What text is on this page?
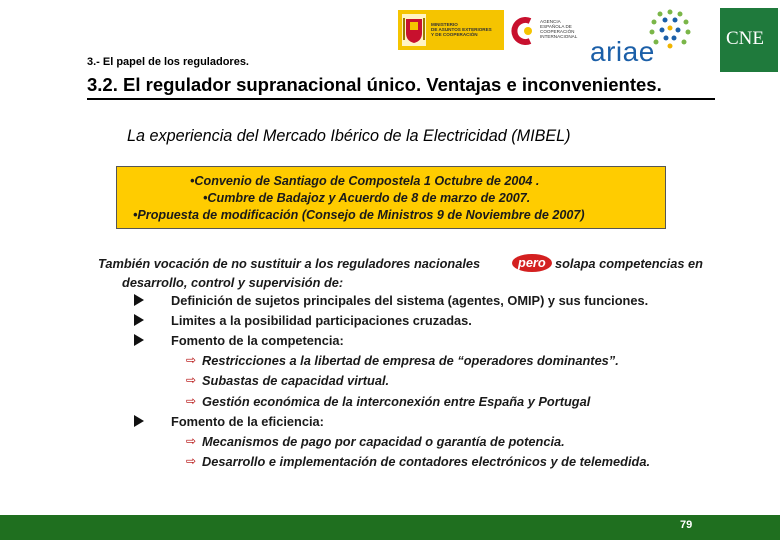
MINISTERIO
DE ASUNTOS EXTERIORES
Y DE COOPERACIÓN
AGENCIA
ESPAÑOLA DE
COOPERACIÓN
INTERNACIONAL ariae	CNE
3.- El papel de los reguladores.
3.2. El regulador supranacional único. Ventajas e inconvenientes.
La experiencia del Mercado Ibérico de la Electricidad (MIBEL)
•Convenio de Santiago de Compostela 1 Octubre de 2004 .
•Cumbre de Badajoz y Acuerdo de 8 de marzo de 2007.
•Propuesta de modificación (Consejo de Ministros 9 de Noviembre de 2007)
También vocación de no sustituir a los reguladores nacionales	pero solapa competencias en
desarrollo, control y supervisión de:
Definición de sujetos principales del sistema (agentes, OMIP) y sus funciones.
Limites a la posibilidad participaciones cruzadas.
Fomento de la competencia:
⇨ Restricciones a la libertad de empresa de “operadores dominantes”.
⇨ Subastas de capacidad virtual.
⇨ Gestión económica de la interconexión entre España y Portugal
Fomento de la eficiencia:
⇨ Mecanismos de pago por capacidad o garantía de potencia.
⇨ Desarrollo e implementación de contadores electrónicos y de telemedida.
79
